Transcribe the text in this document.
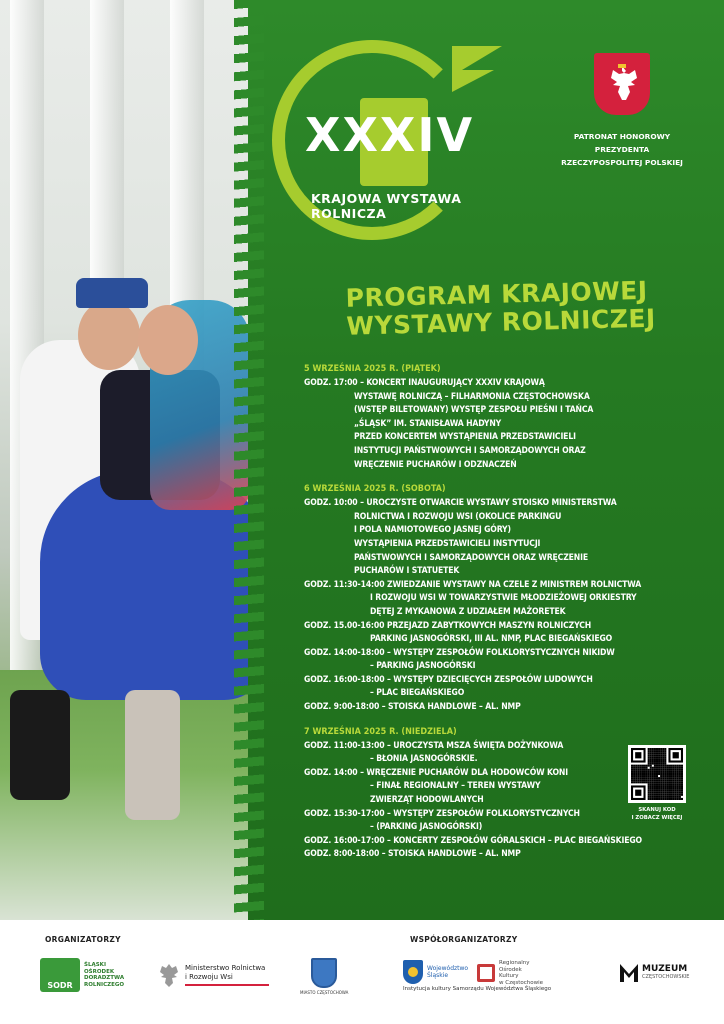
XXXIV
KRAJOWA WYSTAWA ROLNICZA
PATRONAT HONOROWY PREZYDENTA
RZECZYPOSPOLITEJ POLSKIEJ
PROGRAM KRAJOWEJ
WYSTAWY ROLNICZEJ
5 WRZEŚNIA 2025 R. (PIĄTEK)
GODZ. 17:00 – KONCERT INAUGURUJĄCY XXXIV KRAJOWĄ
WYSTAWĘ ROLNICZĄ – FILHARMONIA CZĘSTOCHOWSKA
(WSTĘP BILETOWANY) WYSTĘP ZESPOŁU PIEŚNI I TAŃCA
„ŚLĄSK” IM. STANISŁAWA HADYNY
PRZED KONCERTEM WYSTĄPIENIA PRZEDSTAWICIELI
INSTYTUCJI PAŃSTWOWYCH I SAMORZĄDOWYCH ORAZ
WRĘCZENIE PUCHARÓW I ODZNACZEŃ
6 WRZEŚNIA 2025 R. (SOBOTA)
GODZ. 10:00 – UROCZYSTE OTWARCIE WYSTAWY STOISKO MINISTERSTWA
ROLNICTWA I ROZWOJU WSI (OKOLICE PARKINGU
I POLA NAMIOTOWEGO JASNEJ GÓRY)
WYSTĄPIENIA PRZEDSTAWICIELI INSTYTUCJI
PAŃSTWOWYCH I SAMORZĄDOWYCH ORAZ WRĘCZENIE
PUCHARÓW I STATUETEK
GODZ. 11:30-14:00 ZWIEDZANIE WYSTAWY NA CZELE Z MINISTREM ROLNICTWA
I ROZWOJU WSI W TOWARZYSTWIE MŁODZIEŻOWEJ ORKIESTRY
DĘTEJ Z MYKANOWA Z UDZIAŁEM MAŻORETEK
GODZ. 15.00-16:00 PRZEJAZD ZABYTKOWYCH MASZYN ROLNICZYCH
PARKING JASNOGÓRSKI, III AL. NMP, PLAC BIEGAŃSKIEGO
GODZ. 14:00-18:00 – WYSTĘPY ZESPOŁÓW FOLKLORYSTYCZNYCH NIKIDW
– PARKING JASNOGÓRSKI
GODZ. 16:00-18:00 – WYSTĘPY DZIECIĘCYCH ZESPOŁÓW LUDOWYCH
– PLAC BIEGAŃSKIEGO
GODZ. 9:00-18:00 – STOISKA HANDLOWE – AL. NMP
7 WRZEŚNIA 2025 R. (NIEDZIELA)
GODZ. 11:00-13:00 – UROCZYSTA MSZA ŚWIĘTA DOŻYNKOWA
– BŁONIA JASNOGÓRSKIE.
GODZ. 14:00 – WRĘCZENIE PUCHARÓW DLA HODOWCÓW KONI
– FINAŁ REGIONALNY – TEREN WYSTAWY
ZWIERZĄT HODOWLANYCH
GODZ. 15:30-17:00 – WYSTĘPY ZESPOŁÓW FOLKLORYSTYCZNYCH
– (PARKING JASNOGÓRSKI)
GODZ. 16:00-17:00 – KONCERTY ZESPOŁÓW GÓRALSKICH – PLAC BIEGAŃSKIEGO
GODZ. 8:00-18:00 – STOISKA HANDLOWE – AL. NMP
SKANUJ KOD
I ZOBACZ WIĘCEJ
ORGANIZATORZY	WSPÓŁORGANIZATORZY
SODR
ŚLĄSKI
OŚRODEK
DORADZTWA
ROLNICZEGO
Ministerstwo Rolnictwa
i Rozwoju Wsi
MIASTO CZĘSTOCHOWA
Województwo
Śląskie
Regionalny
Ośrodek
Kultury
w Częstochowie
Instytucja kultury Samorządu Województwa Śląskiego
MUZEUM
CZĘSTOCHOWSKIE
